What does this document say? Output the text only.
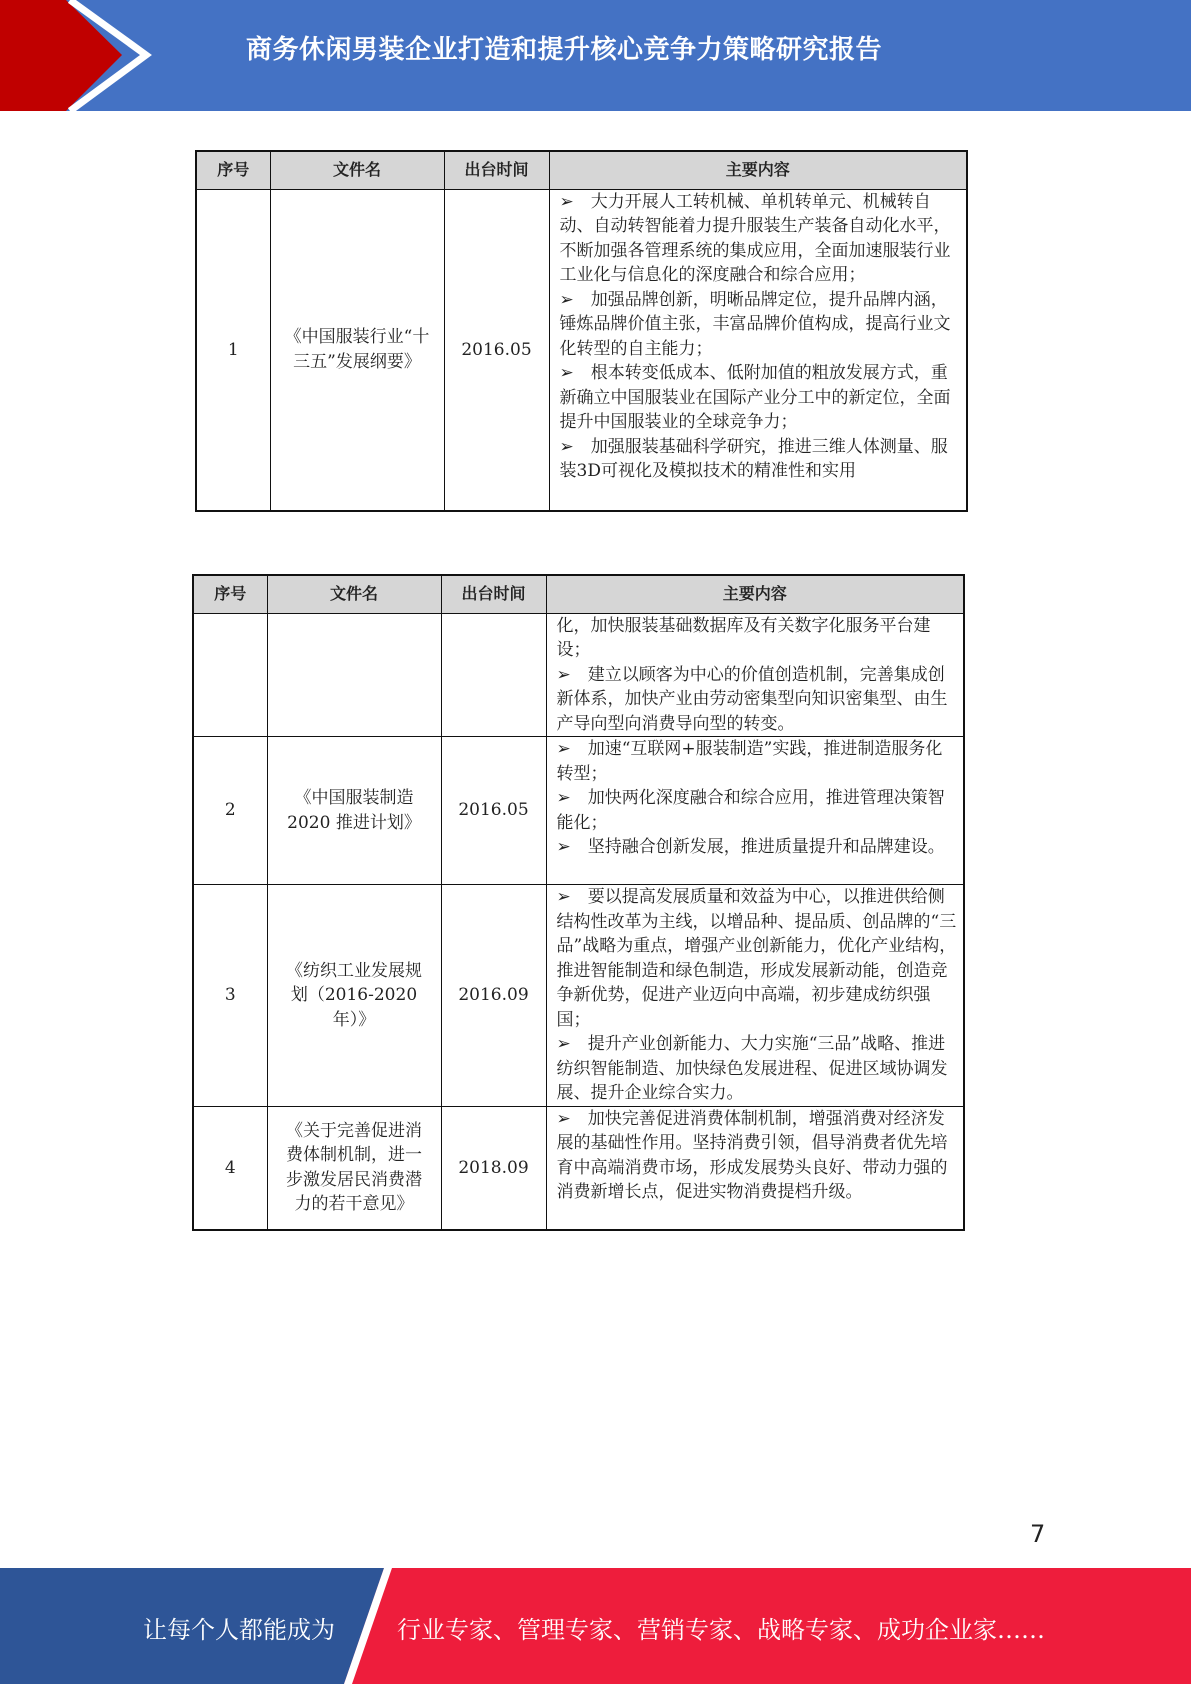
商务休闲男装企业打造和提升核心竞争力策略研究报告
序号	文件名	出台时间	主要内容
1	《中国服装行业“十三五”发展纲要》	2016.05	➢　大力开展人工转机械、单机转单元、机械转自动、自动转智能着力提升服装生产装备自动化水平，不断加强各管理系统的集成应用，全面加速服装行业工业化与信息化的深度融合和综合应用；
➢　加强品牌创新，明晰品牌定位，提升品牌内涵，锤炼品牌价值主张，丰富品牌价值构成，提高行业文化转型的自主能力；
➢　根本转变低成本、低附加值的粗放发展方式，重新确立中国服装业在国际产业分工中的新定位，全面提升中国服装业的全球竞争力；
➢　加强服装基础科学研究，推进三维人体测量、服装3D可视化及模拟技术的精准性和实用
序号	文件名	出台时间	主要内容

			化，加快服装基础数据库及有关数字化服务平台建设；
➢　建立以顾客为中心的价值创造机制，完善集成创新体系，加快产业由劳动密集型向知识密集型、由生产导向型向消费导向型的转变。

2	《中国服装制造2020 推进计划》	2016.05	➢　加速“互联网+服装制造”实践，推进制造服务化转型；
➢　加快两化深度融合和综合应用，推进管理决策智能化；
➢　坚持融合创新发展，推进质量提升和品牌建设。

3	《纺织工业发展规划（2016-2020 年）》	2016.09	➢　要以提高发展质量和效益为中心，以推进供给侧结构性改革为主线，以增品种、提品质、创品牌的“三品”战略为重点，增强产业创新能力，优化产业结构，推进智能制造和绿色制造，形成发展新动能，创造竞争新优势，促进产业迈向中高端，初步建成纺织强国；
➢　提升产业创新能力、大力实施“三品”战略、推进纺织智能制造、加快绿色发展进程、促进区域协调发展、提升企业综合实力。

4	《关于完善促进消费体制机制，进一步激发居民消费潜力的若干意见》	2018.09	➢　加快完善促进消费体制机制，增强消费对经济发展的基础性作用。坚持消费引领，倡导消费者优先培育中高端消费市场，形成发展势头良好、带动力强的消费新增长点，促进实物消费提档升级。
7
让每个人都能成为	行业专家、管理专家、营销专家、战略专家、成功企业家……
